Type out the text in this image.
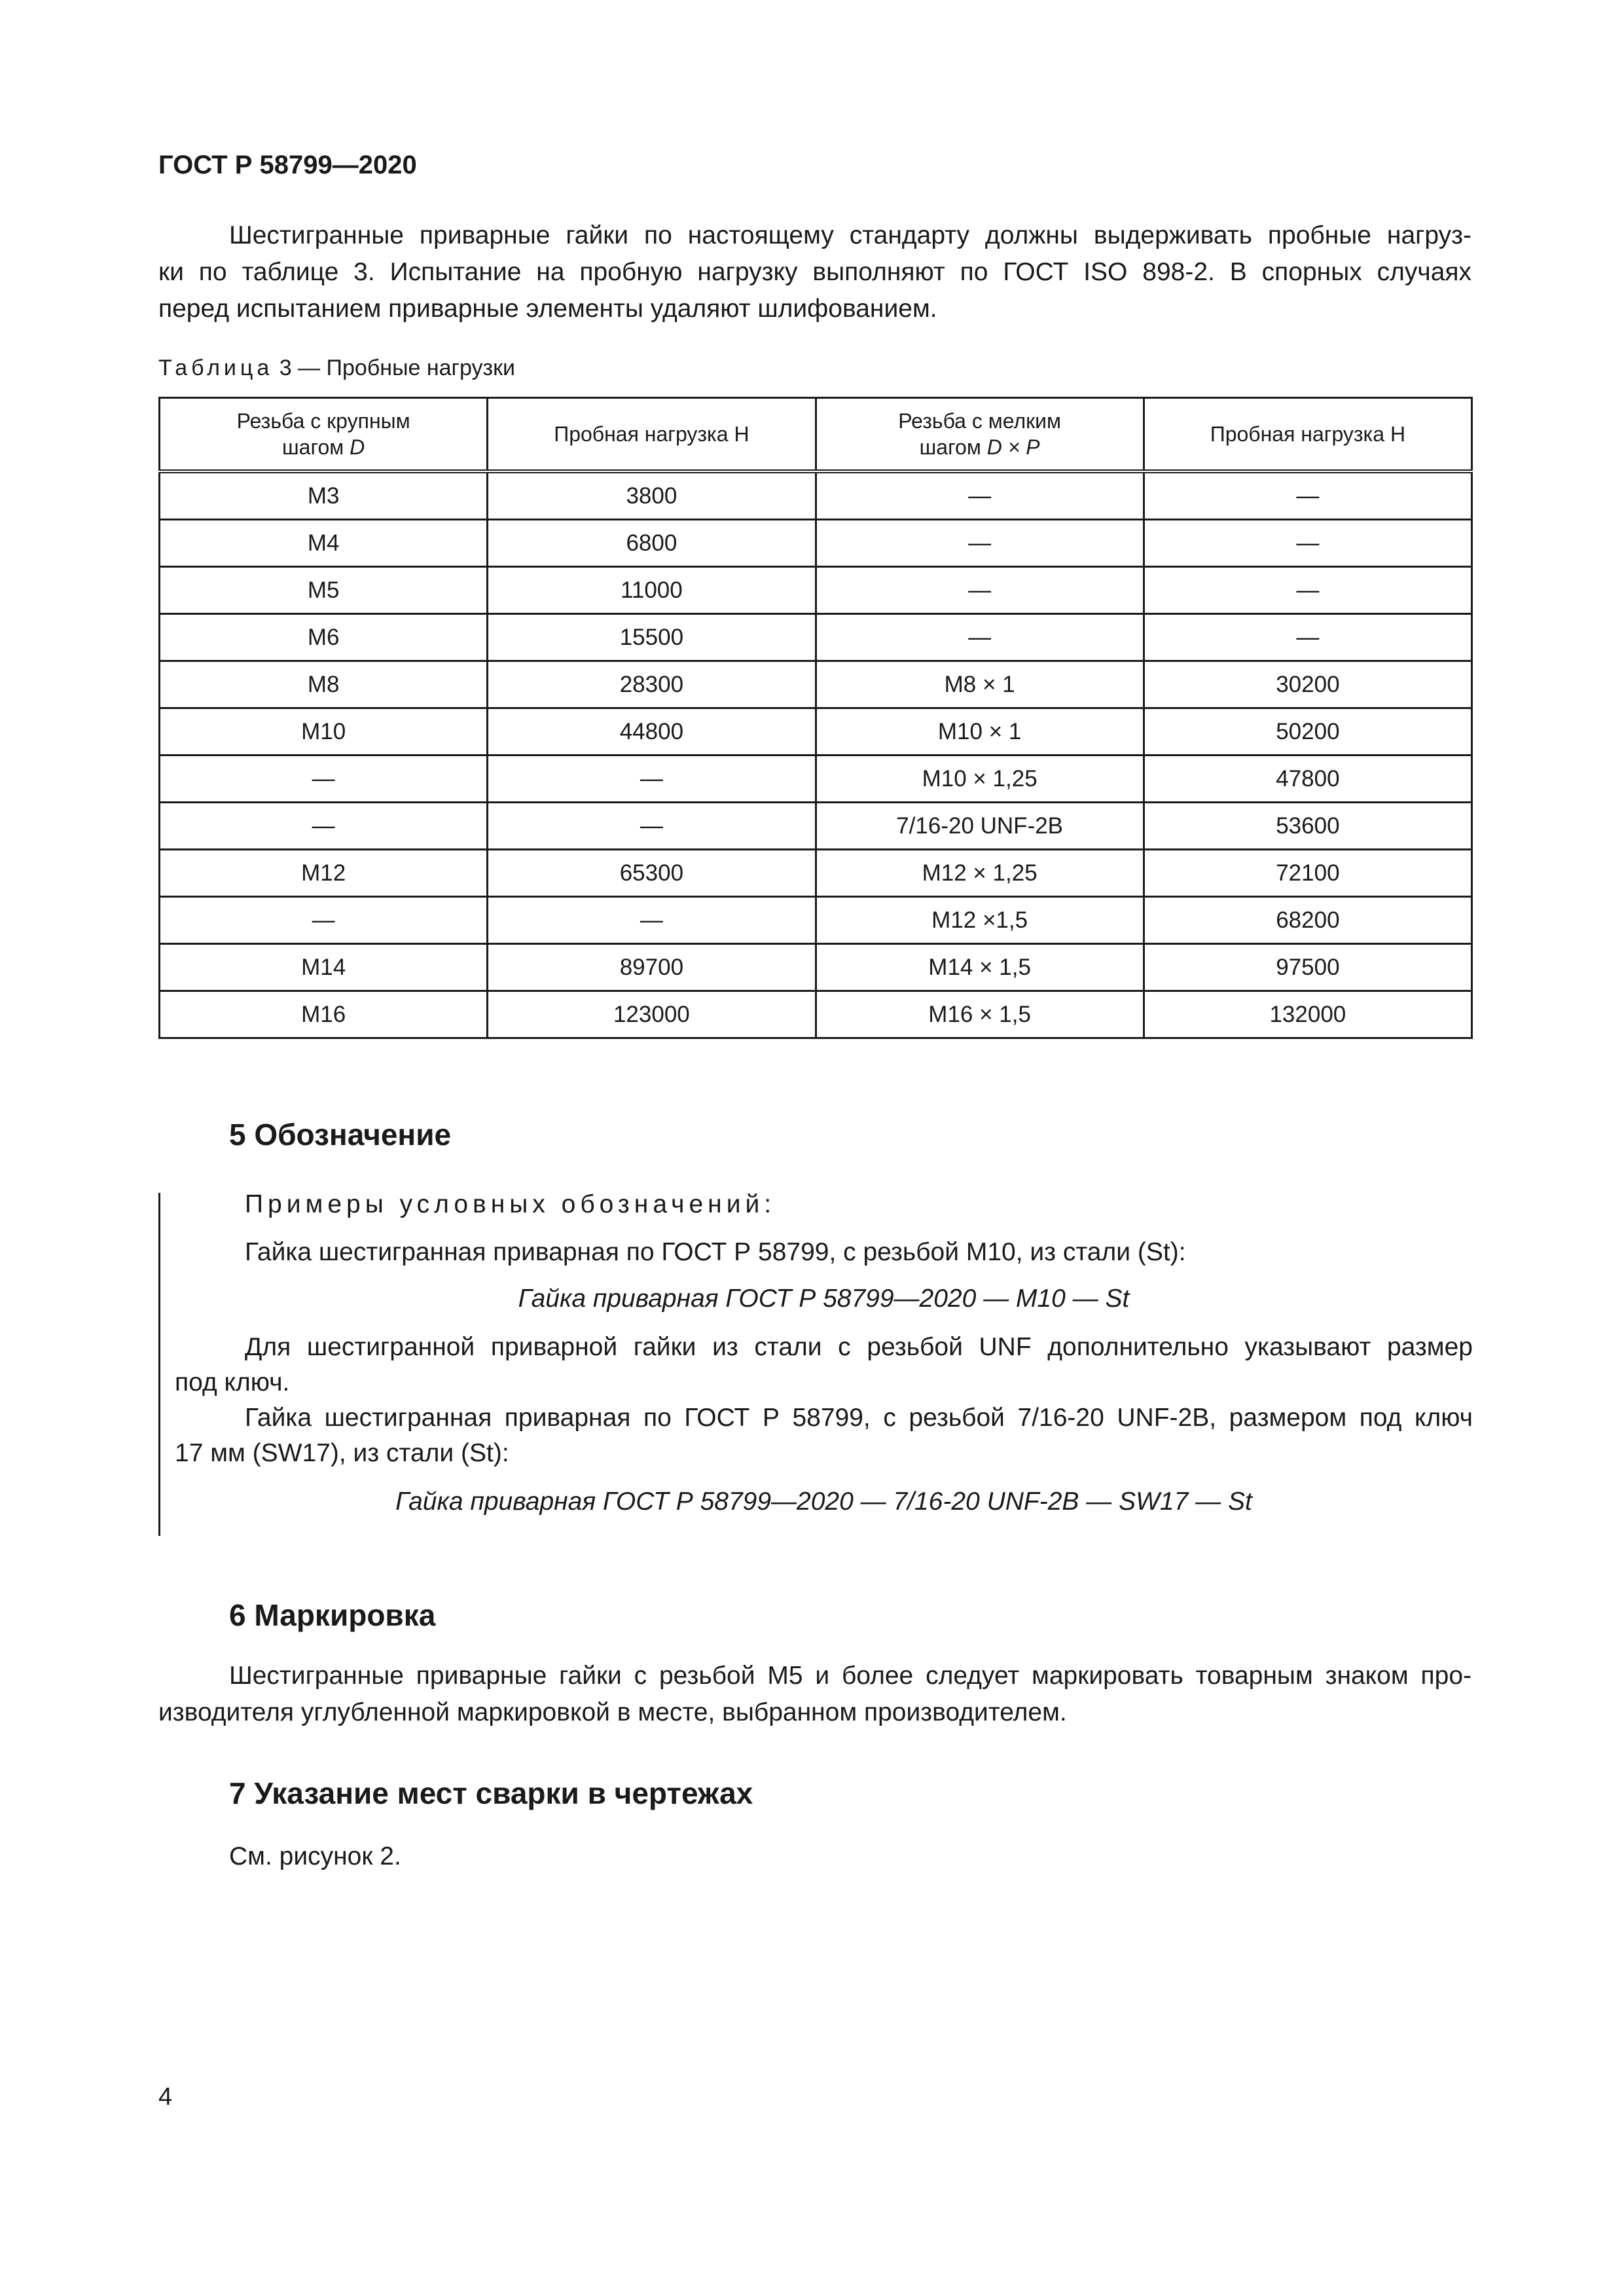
ГОСТ Р 58799—2020

Шестигранные приварные гайки по настоящему стандарту должны выдерживать пробные нагруз-

ки по таблице 3. Испытание на пробную нагрузку выполняют по ГОСТ ISO 898-2. В спорных случаях

перед испытанием приварные элементы удаляют шлифованием.

Таблица 3 — Пробные нагрузки
Резьба с крупным
шагом D	Пробная нагрузка Н	Резьба с мелким
шагом D × P	Пробная нагрузка Н
М3	3800	—	—
М4	6800	—	—
М5	11000	—	—
М6	15500	—	—
М8	28300	М8 × 1	30200
М10	44800	М10 × 1	50200
—	—	М10 × 1,25	47800
—	—	7/16-20 UNF-2B	53600
М12	65300	М12 × 1,25	72100
—	—	М12 ×1,5	68200
М14	89700	М14 × 1,5	97500
М16	123000	М16 × 1,5	132000
5 Обозначение
Примеры условных обозначений:
Гайка шестигранная приварная по ГОСТ Р 58799, с резьбой М10, из стали (St):
Гайка приварная ГОСТ Р 58799—2020 — М10 — St
Для шестигранной приварной гайки из стали с резьбой UNF дополнительно указывают размер
под ключ.
Гайка шестигранная приварная по ГОСТ Р 58799, с резьбой 7/16-20 UNF-2B, размером под ключ
17 мм (SW17), из стали (St):
Гайка приварная ГОСТ Р 58799—2020 — 7/16-20 UNF-2B — SW17 — St
6 Маркировка

Шестигранные приварные гайки с резьбой М5 и более следует маркировать товарным знаком про-

изводителя углубленной маркировкой в месте, выбранном производителем.

7 Указание мест сварки в чертежах

См. рисунок 2.

4
